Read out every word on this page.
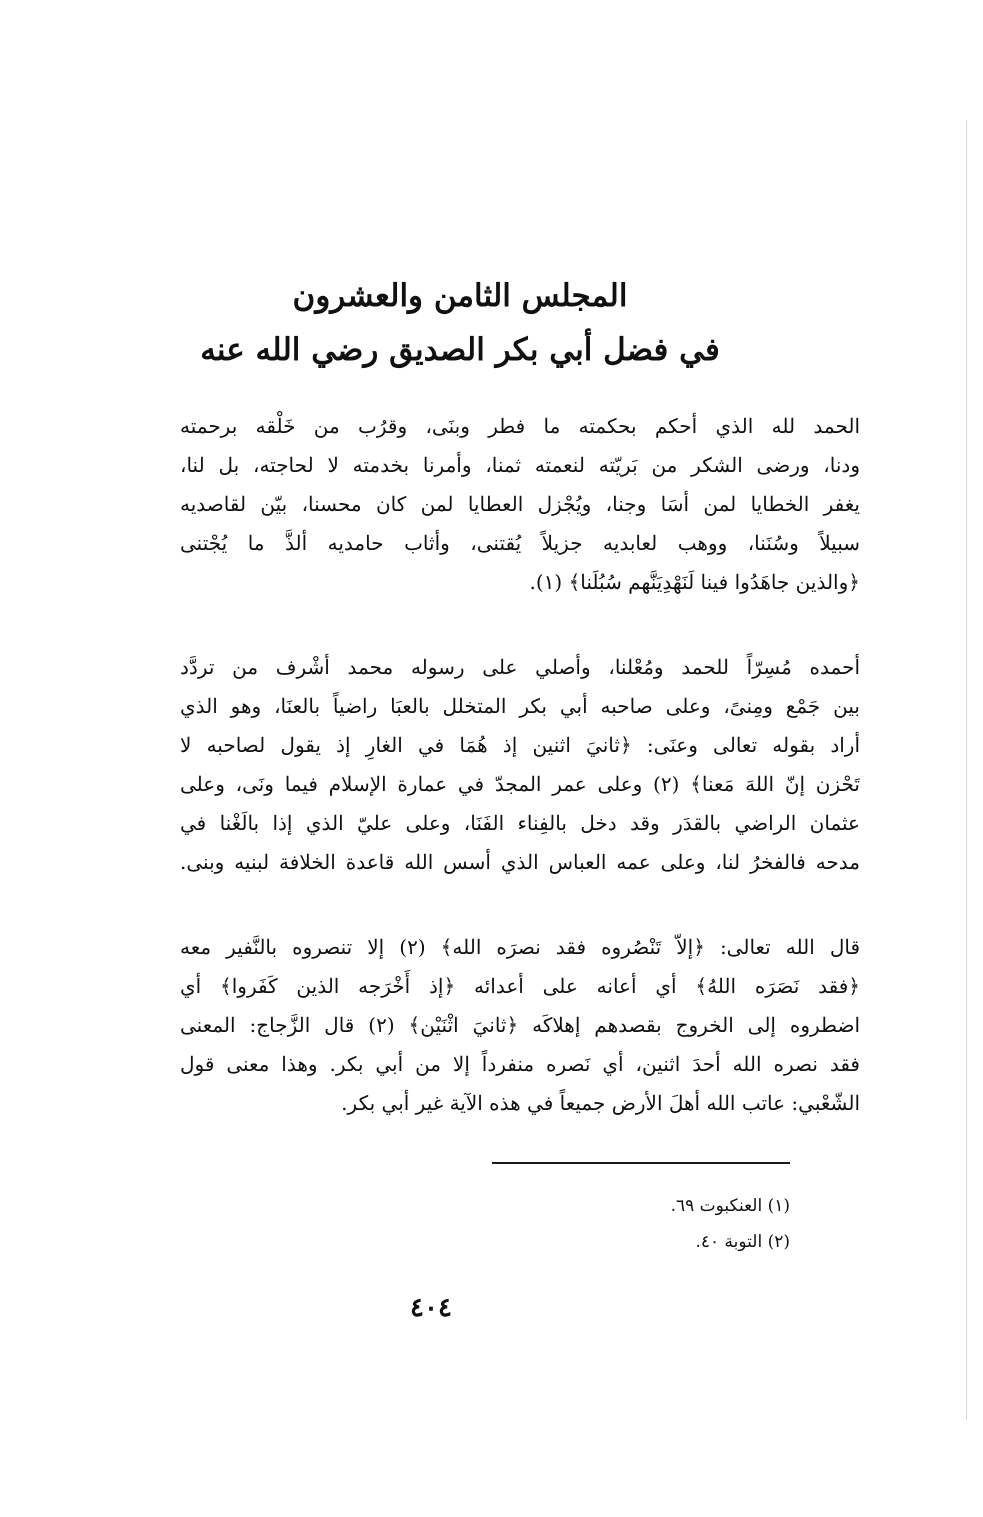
المجلس الثامن والعشرون
في فضل أبي بكر الصديق رضي الله عنه
الحمد لله الذي أحكم بحكمته ما فطر وبنَى، وقرُب من خَلْقه برحمته
ودنا، ورضى الشكر من بَريّته لنعمته ثمنا، وأمرنا بخدمته لا لحاجته، بل لنا،
يغفر الخطايا لمن أسَا وجنا، ويُجْزل العطايا لمن كان محسنا، بيّن لقاصديه
سبيلاً وسُنَنا، ووهب لعابديه جزيلاً يُقتنى، وأثاب حامديه ألذَّ ما يُجْتنى
﴿والذين جاهَدُوا فينا لَنَهْدِيَنَّهم سُبُلَنا﴾ (١).
أحمده مُسِرّاً للحمد ومُعْلنا، وأصلي على رسوله محمد أشْرف من تردَّد
بين جَمْع ومِنىً، وعلى صاحبه أبي بكر المتخلل بالعبَا راضياً بالعنَا، وهو الذي
أراد بقوله تعالى وعنَى: ﴿ثانيَ اثنين إذ هُمَا في الغارِ إذ يقول لصاحبه لا
تَحْزن إنّ اللهَ مَعنا﴾ (٢) وعلى عمر المجدّ في عمارة الإسلام فيما ونَى، وعلى
عثمان الراضي بالقدَر وقد دخل بالفِناء الفَنَا، وعلى عليّ الذي إذا بالَغْنا في
مدحه فالفخرُ لنا، وعلى عمه العباس الذي أسس الله قاعدة الخلافة لبنيه وبنى.
قال الله تعالى: ﴿إلاّ تَنْصُروه فقد نصرَه الله﴾ (٢) إلا تنصروه بالنَّفير معه
﴿فقد نَصَرَه اللهُ﴾ أي أعانه على أعدائه ﴿إذ أَخْرَجه الذين كَفَروا﴾ أي
اضطروه إلى الخروج بقصدهم إهلاكَه ﴿ثانيَ اثْنَيْن﴾ (٢) قال الزَّجاج: المعنى
فقد نصره الله أحدَ اثنين، أي نَصره منفرداً إلا من أبي بكر. وهذا معنى قول
الشّعْبي: عاتب الله أهلَ الأرض جميعاً في هذه الآية غير أبي بكر.
(١) العنكبوت ٦٩.
(٢) التوبة ٤٠.
٤٠٤
